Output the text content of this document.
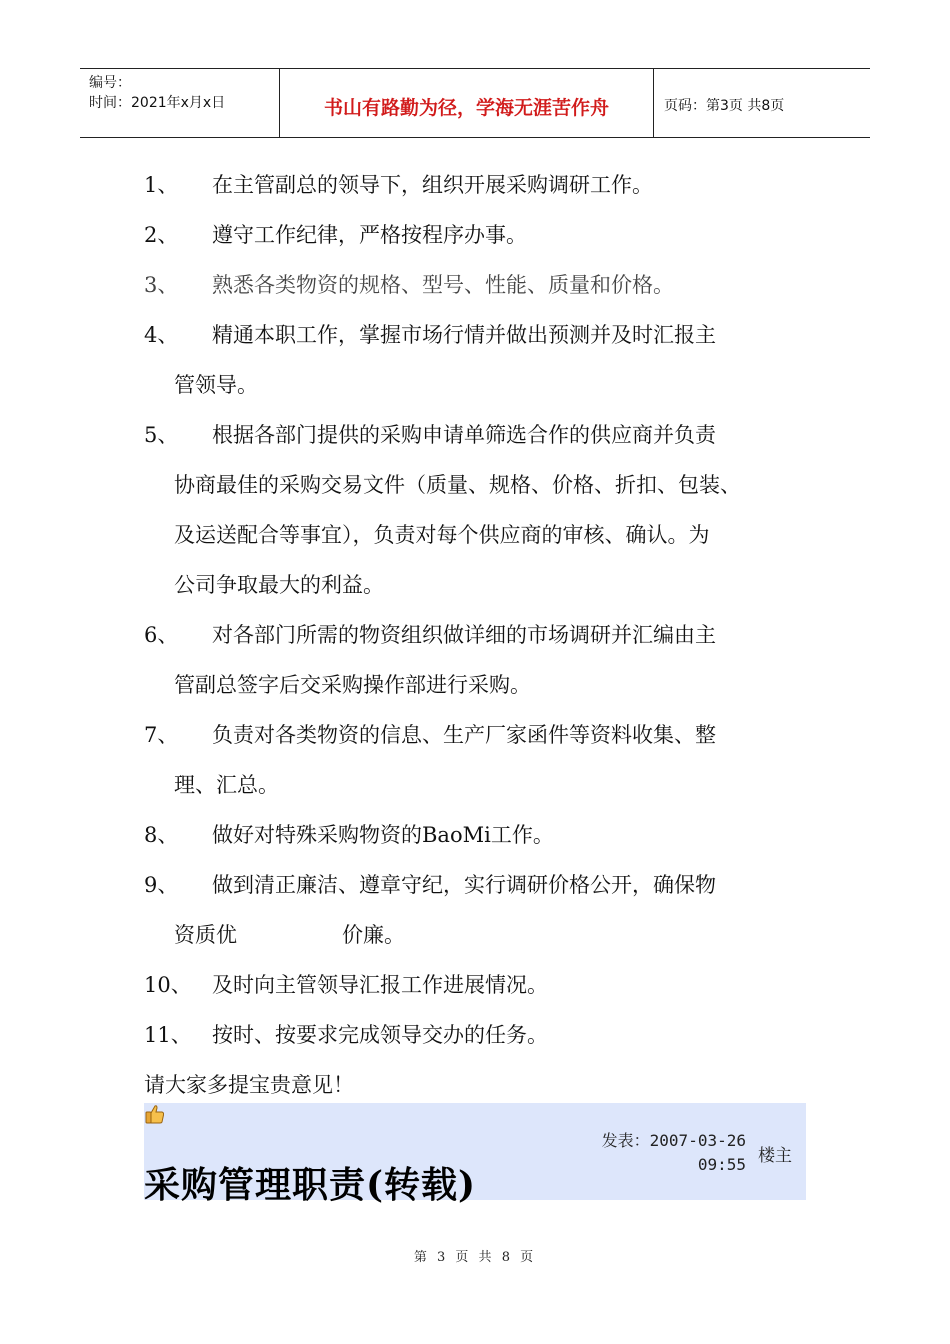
编号：
时间：2021年x月x日	书山有路勤为径，学海无涯苦作舟	页码：第3页 共8页
1、 在主管副总的领导下，组织开展采购调研工作。
2、 遵守工作纪律，严格按程序办事。
3、 熟悉各类物资的规格、型号、性能、质量和价格。
4、 精通本职工作，掌握市场行情并做出预测并及时汇报主
管领导。
5、 根据各部门提供的采购申请单筛选合作的供应商并负责
协商最佳的采购交易文件（质量、规格、价格、折扣、包装、
及运送配合等事宜），负责对每个供应商的审核、确认。为
公司争取最大的利益。
6、 对各部门所需的物资组织做详细的市场调研并汇编由主
管副总签字后交采购操作部进行采购。
7、 负责对各类物资的信息、生产厂家函件等资料收集、整
理、汇总。
8、 做好对特殊采购物资的BaoMi工作。
9、 做到清正廉洁、遵章守纪，实行调研价格公开，确保物
资质优　　　　　价廉。
10、 及时向主管领导汇报工作进展情况。
11、 按时、按要求完成领导交办的任务。
请大家多提宝贵意见！
采购管理职责(转载)
发表：2007-03-26
09:55 楼主
第 3 页 共 8 页
